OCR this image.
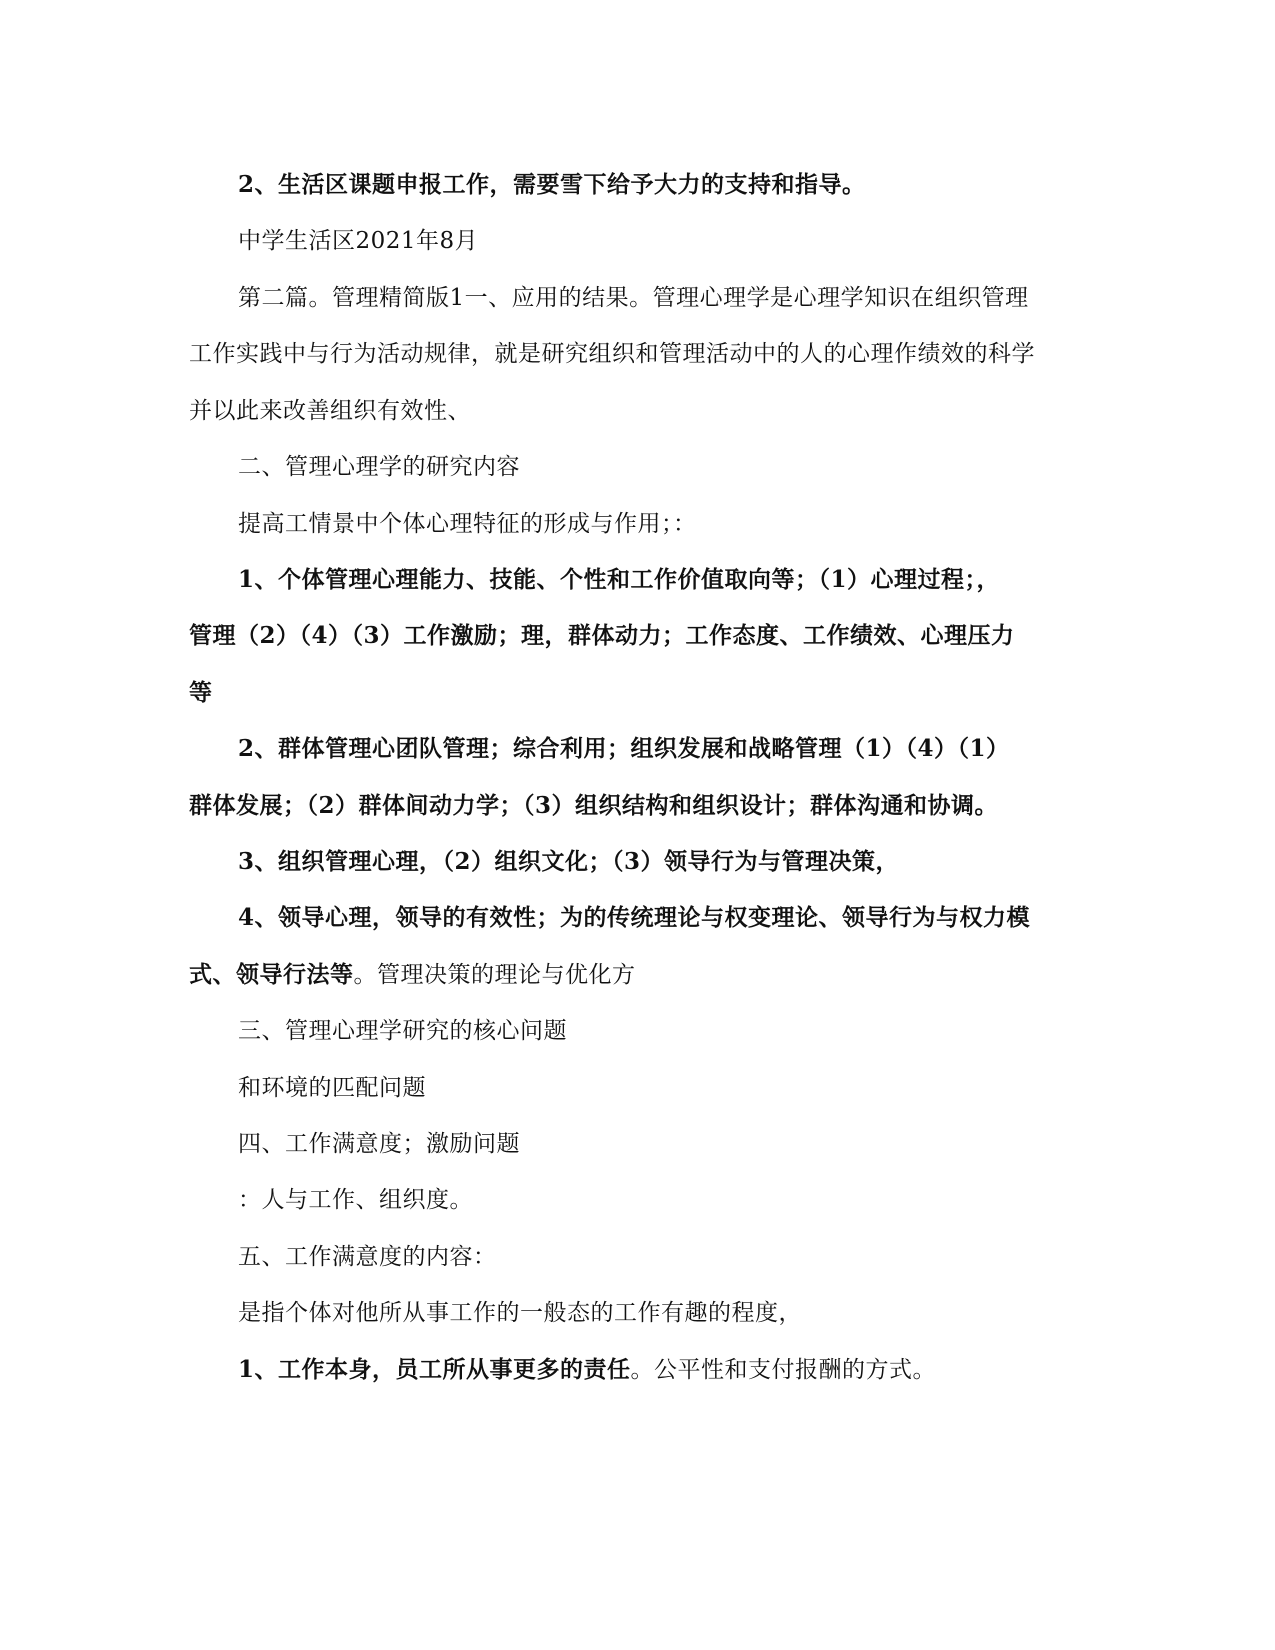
2、生活区课题申报工作，需要雪下给予大力的支持和指导。
中学生活区2021年8月
第二篇。管理精简版1一、应用的结果。管理心理学是心理学知识在组织管理
工作实践中与行为活动规律，就是研究组织和管理活动中的人的心理作绩效的科学
并以此来改善组织有效性、
二、管理心理学的研究内容
提高工情景中个体心理特征的形成与作用；：
1、个体管理心理能力、技能、个性和工作价值取向等；（1）心理过程；，
管理（2）（4）（3）工作激励；理，群体动力；工作态度、工作绩效、心理压力
等
2、群体管理心团队管理；综合利用；组织发展和战略管理（1）（4）（1）
群体发展；（2）群体间动力学；（3）组织结构和组织设计；群体沟通和协调。
3、组织管理心理，（2）组织文化；（3）领导行为与管理决策，
4、领导心理，领导的有效性；为的传统理论与权变理论、领导行为与权力模
式、领导行法等。管理决策的理论与优化方
三、管理心理学研究的核心问题
和环境的匹配问题
四、工作满意度；激励问题
：人与工作、组织度。
五、工作满意度的内容：
是指个体对他所从事工作的一般态的工作有趣的程度，
1、工作本身，员工所从事更多的责任。公平性和支付报酬的方式。
